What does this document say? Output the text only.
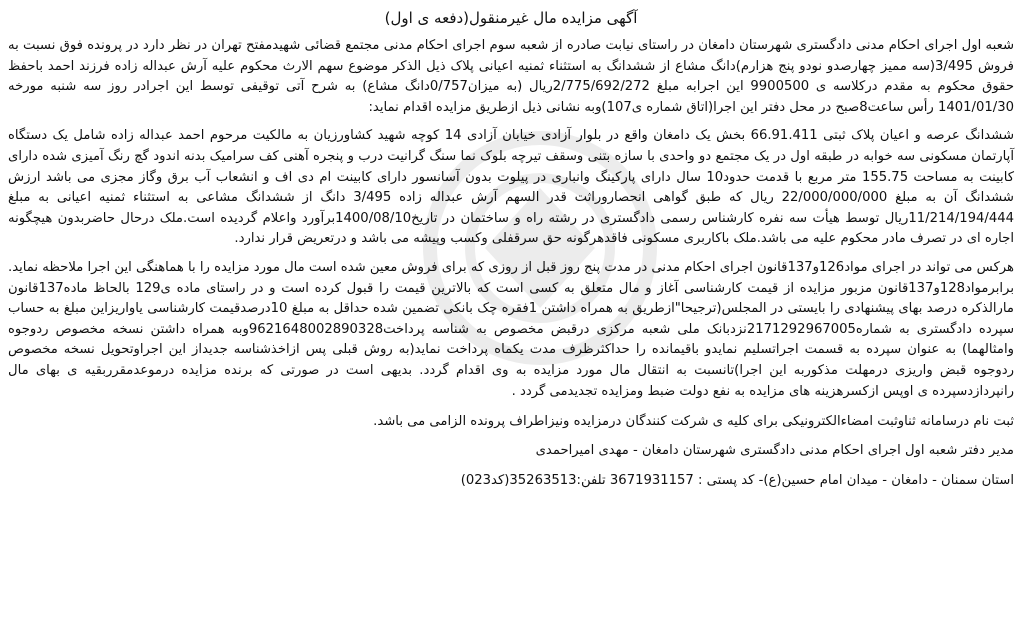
آگهی مزایده مال غیرمنقول(دفعه ی اول)

شعبه اول اجرای احکام مدنی دادگستری شهرستان دامغان در راستای نیابت صادره از شعبه سوم اجرای احکام مدنی مجتمع قضائی شهیدمفتح تهران در نظر دارد در پرونده فوق نسبت به فروش 3/495(سه ممیز چهارصدو نودو پنج هزارم)دانگ مشاع از ششدانگ به استثناء ثمنیه اعیانی پلاک ذیل الذکر موضوع سهم الارث محکوم علیه آرش عبداله زاده فرزند احمد باحفظ حقوق محکوم به مقدم درکلاسه ی 9900500 این اجرابه مبلغ 2/775/692/272ریال (به میزان0/757دانگ مشاع) به شرح آتی توقیفی توسط این اجرادر روز سه شنبه مورخه 1401/01/30 رأس ساعت8صبح در محل دفتر این اجرا(اتاق شماره ی107)وبه نشانی ذیل ازطریق مزایده اقدام نماید:

ششدانگ عرصه و اعیان پلاک ثبتی 66.91.411 بخش یک دامغان واقع در بلوار آزادی خیابان آزادی 14 کوچه شهید کشاورزیان به مالکیت مرحوم احمد عبداله زاده شامل یک دستگاه آپارتمان مسکونی سه خوابه در طبقه اول در یک مجتمع دو واحدی با سازه بتنی وسقف تیرچه بلوک نما سنگ گرانیت درب و پنجره آهنی کف سرامیک بدنه اندود گچ رنگ آمیزی شده دارای کابینت به مساحت 155.75 متر مربع با قدمت حدود10 سال دارای پارکینگ وانباری در پیلوت بدون آسانسور دارای کابینت ام دی اف و انشعاب آب برق وگاز مجزی می باشد ارزش ششدانگ آن به مبلغ 22/000/000/000 ریال که طبق گواهی انحصاروراثت قدر السهم آرش عبداله زاده 3/495 دانگ از ششدانگ مشاعی به استثناء ثمنیه اعیانی به مبلغ 11/214/194/444ریال توسط هیأت سه نفره کارشناس رسمی دادگستری در رشته راه و ساختمان در تاریخ1400/08/10برآورد واعلام گردیده است.ملک درحال حاضربدون هیچگونه اجاره ای در تصرف مادر محکوم علیه می باشد.ملک باکاربری مسکونی فاقدهرگونه حق سرقفلی وکسب وپیشه می باشد و درتعریض قرار ندارد.

هرکس می تواند در اجرای مواد126و137قانون اجرای احکام مدنی در مدت پنج روز قبل از روزی که برای فروش معین شده است مال مورد مزایده را با هماهنگی این اجرا ملاحظه نماید. برابرمواد128و137قانون مزبور مزایده از قیمت کارشناسی آغاز و مال متعلق به کسی است که بالاترین قیمت را قبول کرده است و در راستای ماده ی129 بالحاظ ماده137قانون مارالذکره درصد بهای پیشنهادی را بایستی در المجلس(ترجیحا"ازطریق به همراه داشتن 1فقره چک بانکی تضمین شده حداقل به مبلغ 10درصدقیمت کارشناسی یاواریزاین مبلغ به حساب سپرده دادگستری به شماره2171292967005نزدبانک ملی شعبه مرکزی درقبض مخصوص به شناسه پرداخت9621648002890328وبه همراه داشتن نسخه مخصوص ردوجوه وامثالهما) به عنوان سپرده به قسمت اجراتسلیم نمایدو باقیمانده را حداکثرظرف مدت یکماه پرداخت نماید(به روش قبلی پس ازاخذشناسه جدیداز این اجراوتحویل نسخه مخصوص ردوجوه قبض واریزی درمهلت مذکوربه این اجرا)تانسبت به انتقال مال مورد مزایده به وی اقدام گردد. بدیهی است در صورتی که برنده مزایده درموعدمقرربقیه ی بهای مال رانپردازدسپرده ی اوپس ازکسرهزینه های مزایده به نفع دولت ضبط ومزایده تجدیدمی گردد .

ثبت نام درسامانه ثناوثبت امضاءالکترونیکی برای کلیه ی شرکت کنندگان درمزایده ونیزاطراف پرونده الزامی می باشد.

مدیر دفتر شعبه اول اجرای احکام مدنی دادگستری شهرستان دامغان - مهدی امیراحمدی

استان سمنان - دامغان - میدان امام حسین(ع)- کد پستی : 3671931157 تلفن:35263513(کد023)
